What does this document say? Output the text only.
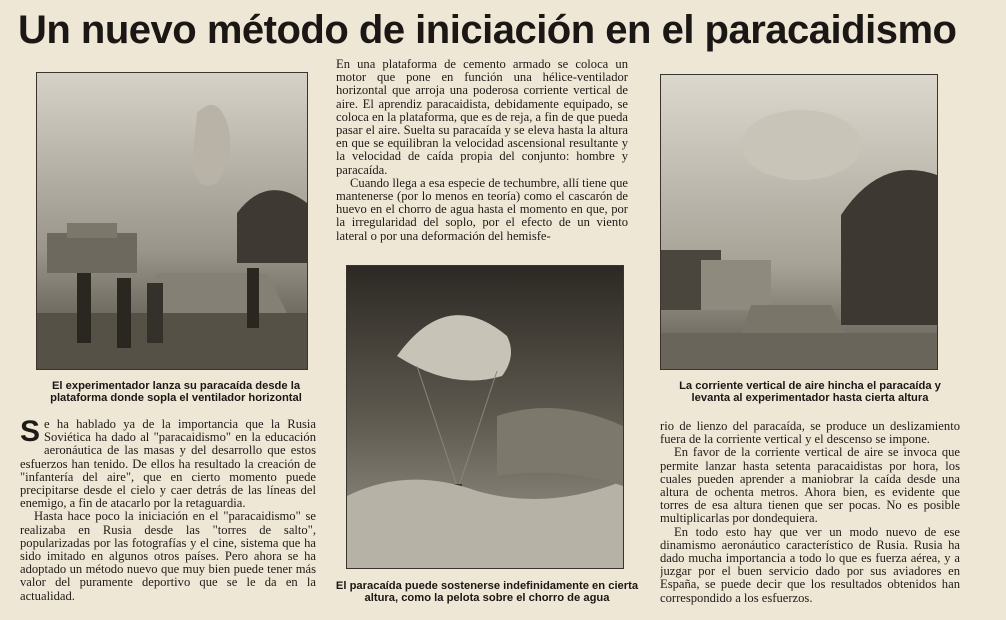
Un nuevo método de iniciación en el paracaidismo
El experimentador lanza su paracaída desde la plataforma donde sopla el ventilador horizontal
La corriente vertical de aire hincha el paracaída y levanta al experimentador hasta cierta altura
El paracaída puede sostenerse indefinidamente en cierta altura, como la pelota sobre el chorro de agua

En una plataforma de cemento armado se coloca un motor que pone en función una hélice-ventilador horizontal que arroja una poderosa corriente vertical de aire. El aprendiz paracaidista, debidamente equipado, se coloca en la plataforma, que es de reja, a fin de que pueda pasar el aire. Suelta su paracaída y se eleva hasta la altura en que se equilibran la velocidad ascensional resultante y la velocidad de caída propia del conjunto: hombre y paracaída.

Cuando llega a esa especie de techumbre, allí tiene que mantenerse (por lo menos en teoría) como el cascarón de huevo en el chorro de agua hasta el momento en que, por la irregularidad del soplo, por el efecto de un viento lateral o por una deformación del hemisfe-

Se ha hablado ya de la importancia que la Rusia Soviética ha dado al "paracaidismo" en la educación aeronáutica de las masas y del desarrollo que estos esfuerzos han tenido. De ellos ha resultado la creación de "infantería del aire", que en cierto momento puede precipitarse desde el cielo y caer detrás de las líneas del enemigo, a fin de atacarlo por la retaguardia.

Hasta hace poco la iniciación en el "paracaidismo" se realizaba en Rusia desde las "torres de salto", popularizadas por las fotografías y el cine, sistema que ha sido imitado en algunos otros países. Pero ahora se ha adoptado un método nuevo que muy bien puede tener más valor del puramente deportivo que se le da en la actualidad.

rio de lienzo del paracaída, se produce un deslizamiento fuera de la corriente vertical y el descenso se impone.

En favor de la corriente vertical de aire se invoca que permite lanzar hasta setenta paracaidistas por hora, los cuales pueden aprender a maniobrar la caída desde una altura de ochenta metros. Ahora bien, es evidente que torres de esa altura tienen que ser pocas. No es posible multiplicarlas por dondequiera.

En todo esto hay que ver un modo nuevo de ese dinamismo aeronáutico característico de Rusia. Rusia ha dado mucha importancia a todo lo que es fuerza aérea, y a juzgar por el buen servicio dado por sus aviadores en España, se puede decir que los resultados obtenidos han correspondido a los esfuerzos.
